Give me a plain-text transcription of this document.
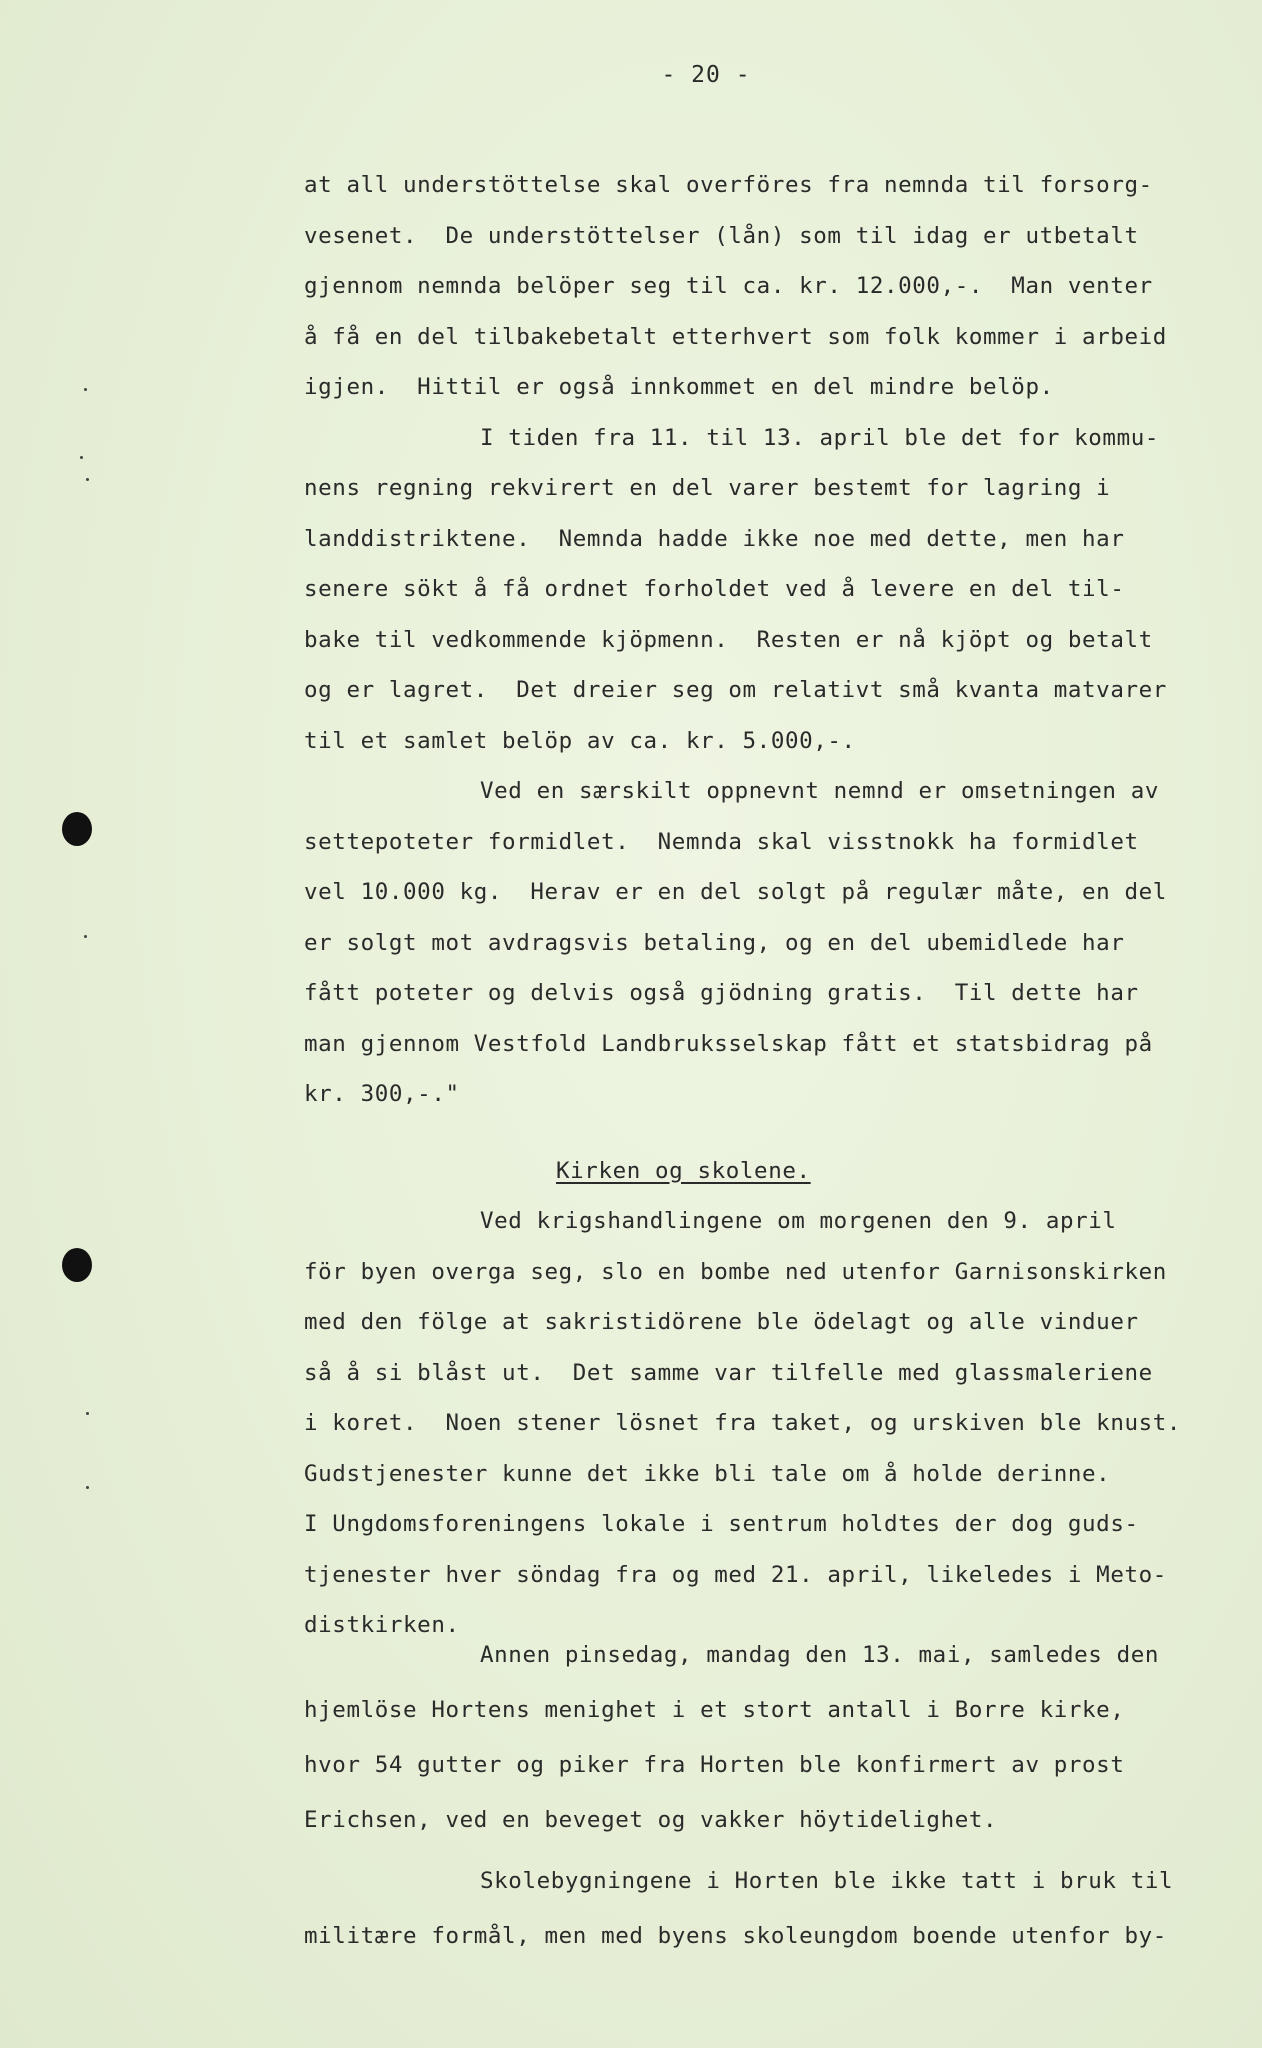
- 20 -
at all understöttelse skal overföres fra nemnda til forsorg-
vesenet.  De understöttelser (lån) som til idag er utbetalt
gjennom nemnda belöper seg til ca. kr. 12.000,-.  Man venter
å få en del tilbakebetalt etterhvert som folk kommer i arbeid
igjen.  Hittil er også innkommet en del mindre belöp.
I tiden fra 11. til 13. april ble det for kommu-
nens regning rekvirert en del varer bestemt for lagring i
landdistriktene.  Nemnda hadde ikke noe med dette, men har
senere sökt å få ordnet forholdet ved å levere en del til-
bake til vedkommende kjöpmenn.  Resten er nå kjöpt og betalt
og er lagret.  Det dreier seg om relativt små kvanta matvarer
til et samlet belöp av ca. kr. 5.000,-.
Ved en særskilt oppnevnt nemnd er omsetningen av
settepoteter formidlet.  Nemnda skal visstnokk ha formidlet
vel 10.000 kg.  Herav er en del solgt på regulær måte, en del
er solgt mot avdragsvis betaling, og en del ubemidlede har
fått poteter og delvis også gjödning gratis.  Til dette har
man gjennom Vestfold Landbruksselskap fått et statsbidrag på
kr. 300,-."
Kirken og skolene.
Ved krigshandlingene om morgenen den 9. april
för byen overga seg, slo en bombe ned utenfor Garnisonskirken
med den fölge at sakristidörene ble ödelagt og alle vinduer
så å si blåst ut.  Det samme var tilfelle med glassmaleriene
i koret.  Noen stener lösnet fra taket, og urskiven ble knust.
Gudstjenester kunne det ikke bli tale om å holde derinne.
I Ungdomsforeningens lokale i sentrum holdtes der dog guds-
tjenester hver söndag fra og med 21. april, likeledes i Meto-
distkirken.
Annen pinsedag, mandag den 13. mai, samledes den
hjemlöse Hortens menighet i et stort antall i Borre kirke,
hvor 54 gutter og piker fra Horten ble konfirmert av prost
Erichsen, ved en beveget og vakker höytidelighet.
Skolebygningene i Horten ble ikke tatt i bruk til
militære formål, men med byens skoleungdom boende utenfor by-
